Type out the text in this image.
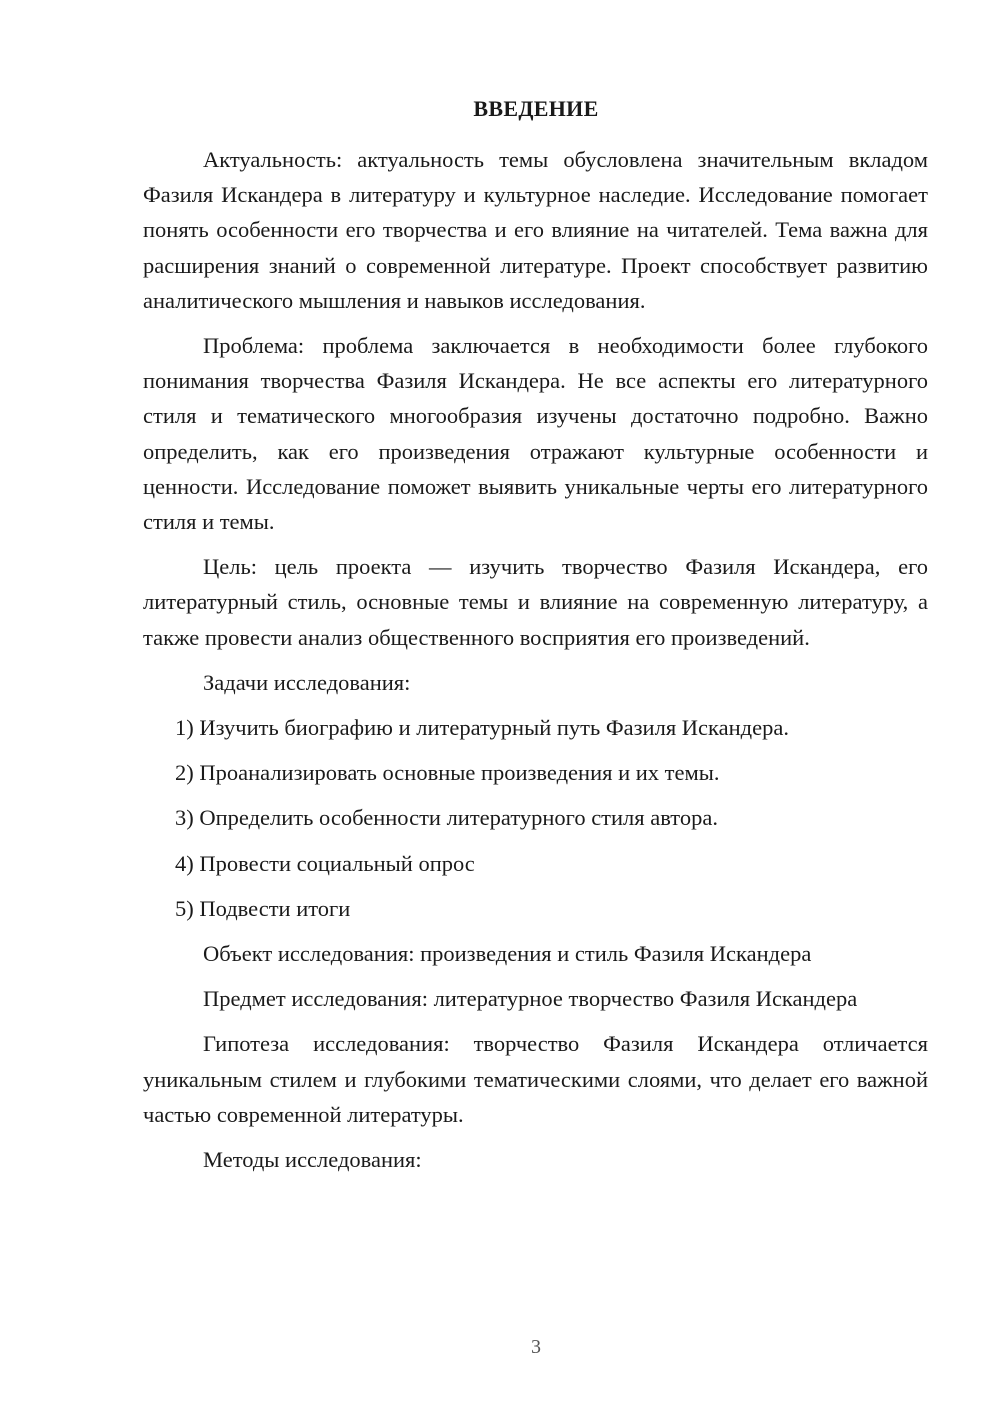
ВВЕДЕНИЕ

Актуальность: актуальность темы обусловлена значительным вкладом Фазиля Искандера в литературу и культурное наследие. Исследование помогает понять особенности его творчества и его влияние на читателей. Тема важна для расширения знаний о современной литературе. Проект способствует развитию аналитического мышления и навыков исследования.

Проблема: проблема заключается в необходимости более глубокого понимания творчества Фазиля Искандера. Не все аспекты его литературного стиля и тематического многообразия изучены достаточно подробно. Важно определить, как его произведения отражают культурные особенности и ценности. Исследование поможет выявить уникальные черты его литературного стиля и темы.

Цель: цель проекта — изучить творчество Фазиля Искандера, его литературный стиль, основные темы и влияние на современную литературу, а также провести анализ общественного восприятия его произведений.

Задачи исследования:

1) Изучить биографию и литературный путь Фазиля Искандера.

2) Проанализировать основные произведения и их темы.

3) Определить особенности литературного стиля автора.

4) Провести социальный опрос

5) Подвести итоги

Объект исследования: произведения и стиль Фазиля Искандера

Предмет исследования: литературное творчество Фазиля Искандера

Гипотеза исследования: творчество Фазиля Искандера отличается уникальным стилем и глубокими тематическими слоями, что делает его важной частью современной литературы.

Методы исследования:

3
